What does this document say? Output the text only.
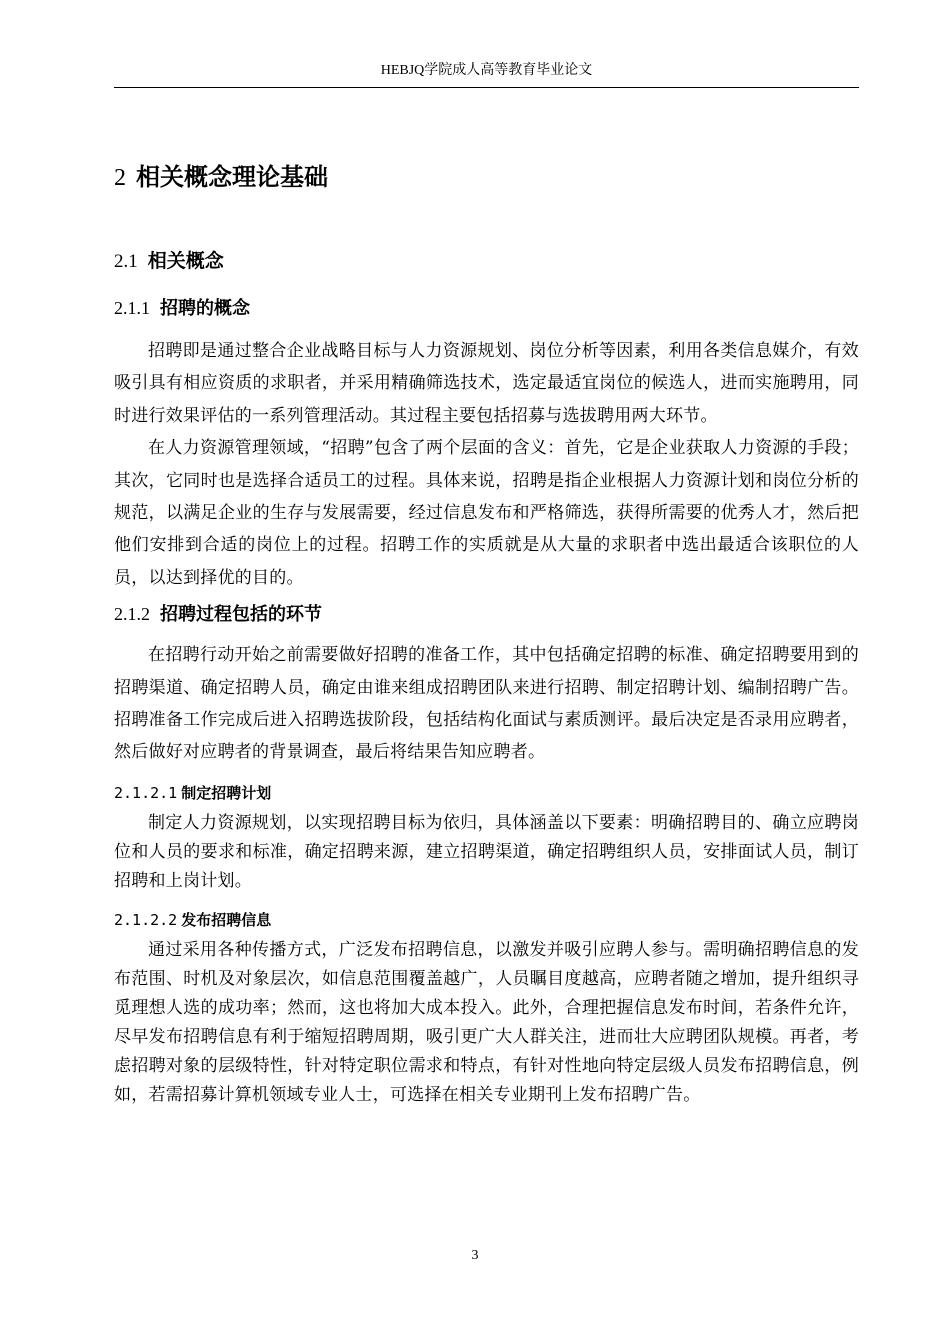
HEBJQ学院成人高等教育毕业论文
2 相关概念理论基础
2.1 相关概念
2.1.1 招聘的概念

招聘即是通过整合企业战略目标与人力资源规划、岗位分析等因素，利用各类信息媒介，有效吸引具有相应资质的求职者，并采用精确筛选技术，选定最适宜岗位的候选人，进而实施聘用，同时进行效果评估的一系列管理活动。其过程主要包括招募与选拔聘用两大环节。

在人力资源管理领域，“招聘”包含了两个层面的含义：首先，它是企业获取人力资源的手段；其次，它同时也是选择合适员工的过程。具体来说，招聘是指企业根据人力资源计划和岗位分析的规范，以满足企业的生存与发展需要，经过信息发布和严格筛选，获得所需要的优秀人才，然后把他们安排到合适的岗位上的过程。招聘工作的实质就是从大量的求职者中选出最适合该职位的人员，以达到择优的目的。

2.1.2 招聘过程包括的环节

在招聘行动开始之前需要做好招聘的准备工作，其中包括确定招聘的标准、确定招聘要用到的招聘渠道、确定招聘人员，确定由谁来组成招聘团队来进行招聘、制定招聘计划、编制招聘广告。招聘准备工作完成后进入招聘选拔阶段，包括结构化面试与素质测评。最后决定是否录用应聘者，然后做好对应聘者的背景调查，最后将结果告知应聘者。

2.1.2.1 制定招聘计划

制定人力资源规划，以实现招聘目标为依归，具体涵盖以下要素：明确招聘目的、确立应聘岗位和人员的要求和标准，确定招聘来源，建立招聘渠道，确定招聘组织人员，安排面试人员，制订招聘和上岗计划。

2.1.2.2 发布招聘信息

通过采用各种传播方式，广泛发布招聘信息，以激发并吸引应聘人参与。需明确招聘信息的发布范围、时机及对象层次，如信息范围覆盖越广，人员瞩目度越高，应聘者随之增加，提升组织寻觅理想人选的成功率；然而，这也将加大成本投入。此外，合理把握信息发布时间，若条件允许，尽早发布招聘信息有利于缩短招聘周期，吸引更广大人群关注，进而壮大应聘团队规模。再者，考虑招聘对象的层级特性，针对特定职位需求和特点，有针对性地向特定层级人员发布招聘信息，例如，若需招募计算机领域专业人士，可选择在相关专业期刊上发布招聘广告。

3
